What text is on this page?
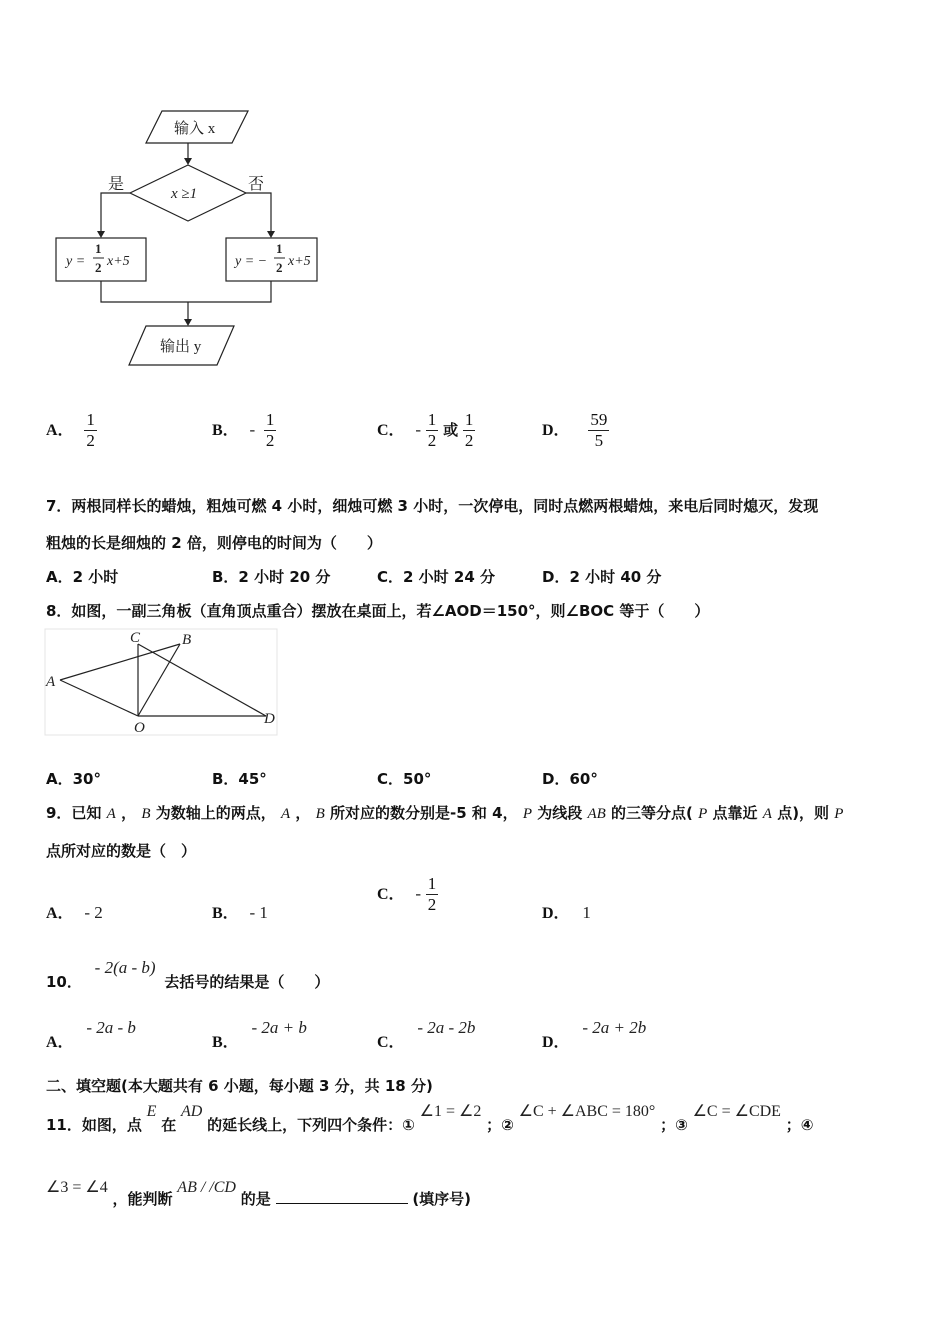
输入 x
x ≥1
是	否
y =
1
2 x+5	y = −
1
2 x+5
输出 y
A． $\frac{1}{2}$	B． - $\frac{1}{2}$	C． - $\frac{1}{2}$ 或 $\frac{1}{2}$	D． $\frac{59}{5}$
7．两根同样长的蜡烛，粗烛可燃 4 小时，细烛可燃 3 小时，一次停电，同时点燃两根蜡烛，来电后同时熄灭，发现
粗烛的长是细烛的 2 倍，则停电的时间为（　　）
A．2 小时	B．2 小时 20 分	C．2 小时 24 分	D．2 小时 40 分
8．如图，一副三角板（直角顶点重合）摆放在桌面上，若∠AOD＝150°，则∠BOC 等于（　　）
A
C	B
O
D
A．30°	B．45°	C．50°	D．60°
9．已知 A ， B 为数轴上的两点， A ， B 所对应的数分别是-5 和 4， P 为线段 AB 的三等分点( P 点靠近 A 点)，则 P
点所对应的数是（　）
A． - 2	B． - 1
C． - $\frac{1}{2}$	D． 1
10． - 2(a - b) 去括号的结果是（　　）
A． - 2a - b
B． - 2a + b
C． - 2a - 2b
D． - 2a + 2b
二、填空题(本大题共有 6 小题，每小题 3 分，共 18 分)
11．如图，点 E 在 AD 的延长线上，下列四个条件：① ∠1 = ∠2 ；② ∠C + ∠ABC = 180° ；③ ∠C = ∠CDE ；④
∠3 = ∠4 ，能判断 AB / /CD 的是	(填序号)
